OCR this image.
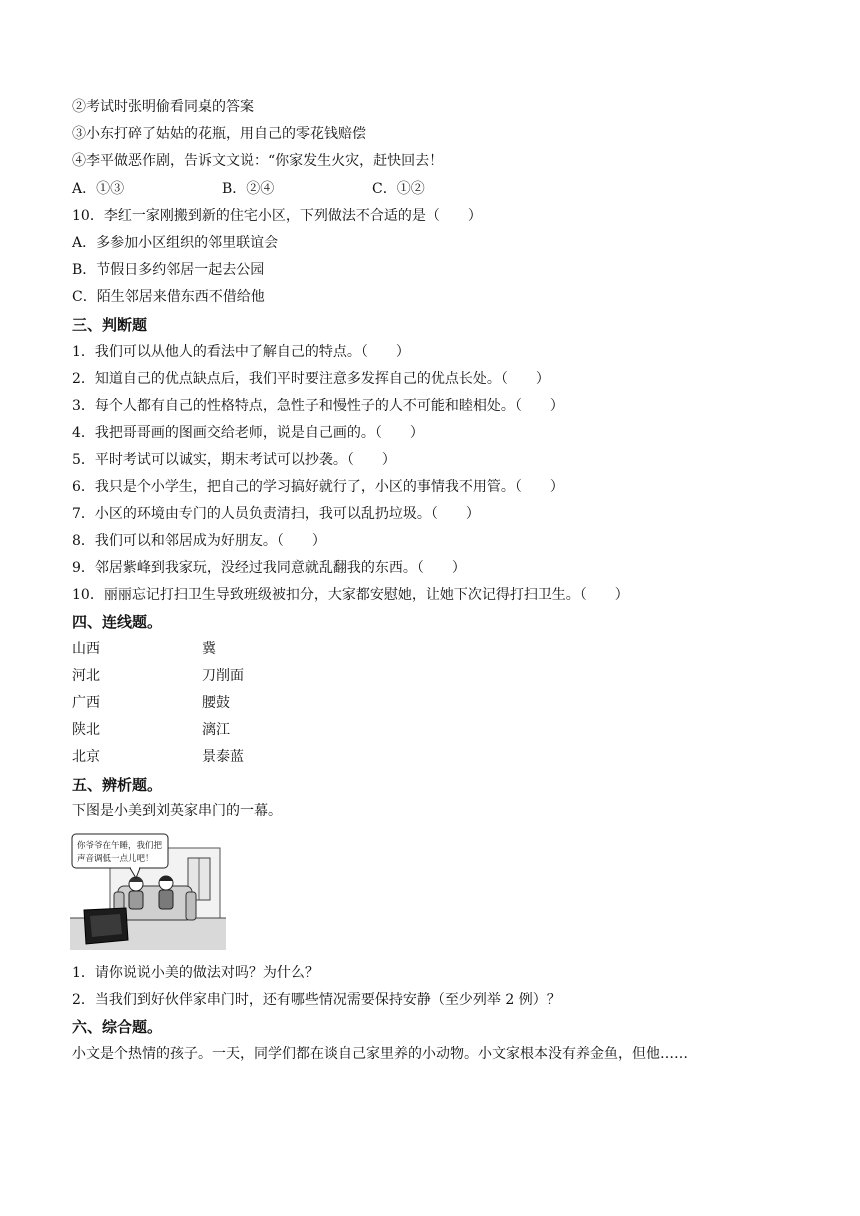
②考试时张明偷看同桌的答案
③小东打碎了姑姑的花瓶，用自己的零花钱赔偿
④李平做恶作剧，告诉文文说：“你家发生火灾，赶快回去！
A．①③	B．②④	C．①②
10．李红一家刚搬到新的住宅小区，下列做法不合适的是（　　）
A．多参加小区组织的邻里联谊会
B．节假日多约邻居一起去公园
C．陌生邻居来借东西不借给他
三、判断题
1．我们可以从他人的看法中了解自己的特点。（　　）
2．知道自己的优点缺点后，我们平时要注意多发挥自己的优点长处。（　　）
3．每个人都有自己的性格特点，急性子和慢性子的人不可能和睦相处。（　　）
4．我把哥哥画的图画交给老师，说是自己画的。（　　）
5．平时考试可以诚实，期末考试可以抄袭。（　　）
6．我只是个小学生，把自己的学习搞好就行了，小区的事情我不用管。（　　）
7．小区的环境由专门的人员负责清扫，我可以乱扔垃圾。（　　）
8．我们可以和邻居成为好朋友。（　　）
9．邻居紫峰到我家玩，没经过我同意就乱翻我的东西。（　　）
10．丽丽忘记打扫卫生导致班级被扣分，大家都安慰她，让她下次记得打扫卫生。（　　）
四、连线题。
山西	冀
河北	刀削面
广西	腰鼓
陕北	漓江
北京	景泰蓝
五、辨析题。
下图是小美到刘英家串门的一幕。
你爷爷在午睡，我们把
声音调低一点儿吧！
1．请你说说小美的做法对吗？为什么？
2．当我们到好伙伴家串门时，还有哪些情况需要保持安静（至少列举 2 例）？
六、综合题。
小文是个热情的孩子。一天，同学们都在谈自己家里养的小动物。小文家根本没有养金鱼，但他……
